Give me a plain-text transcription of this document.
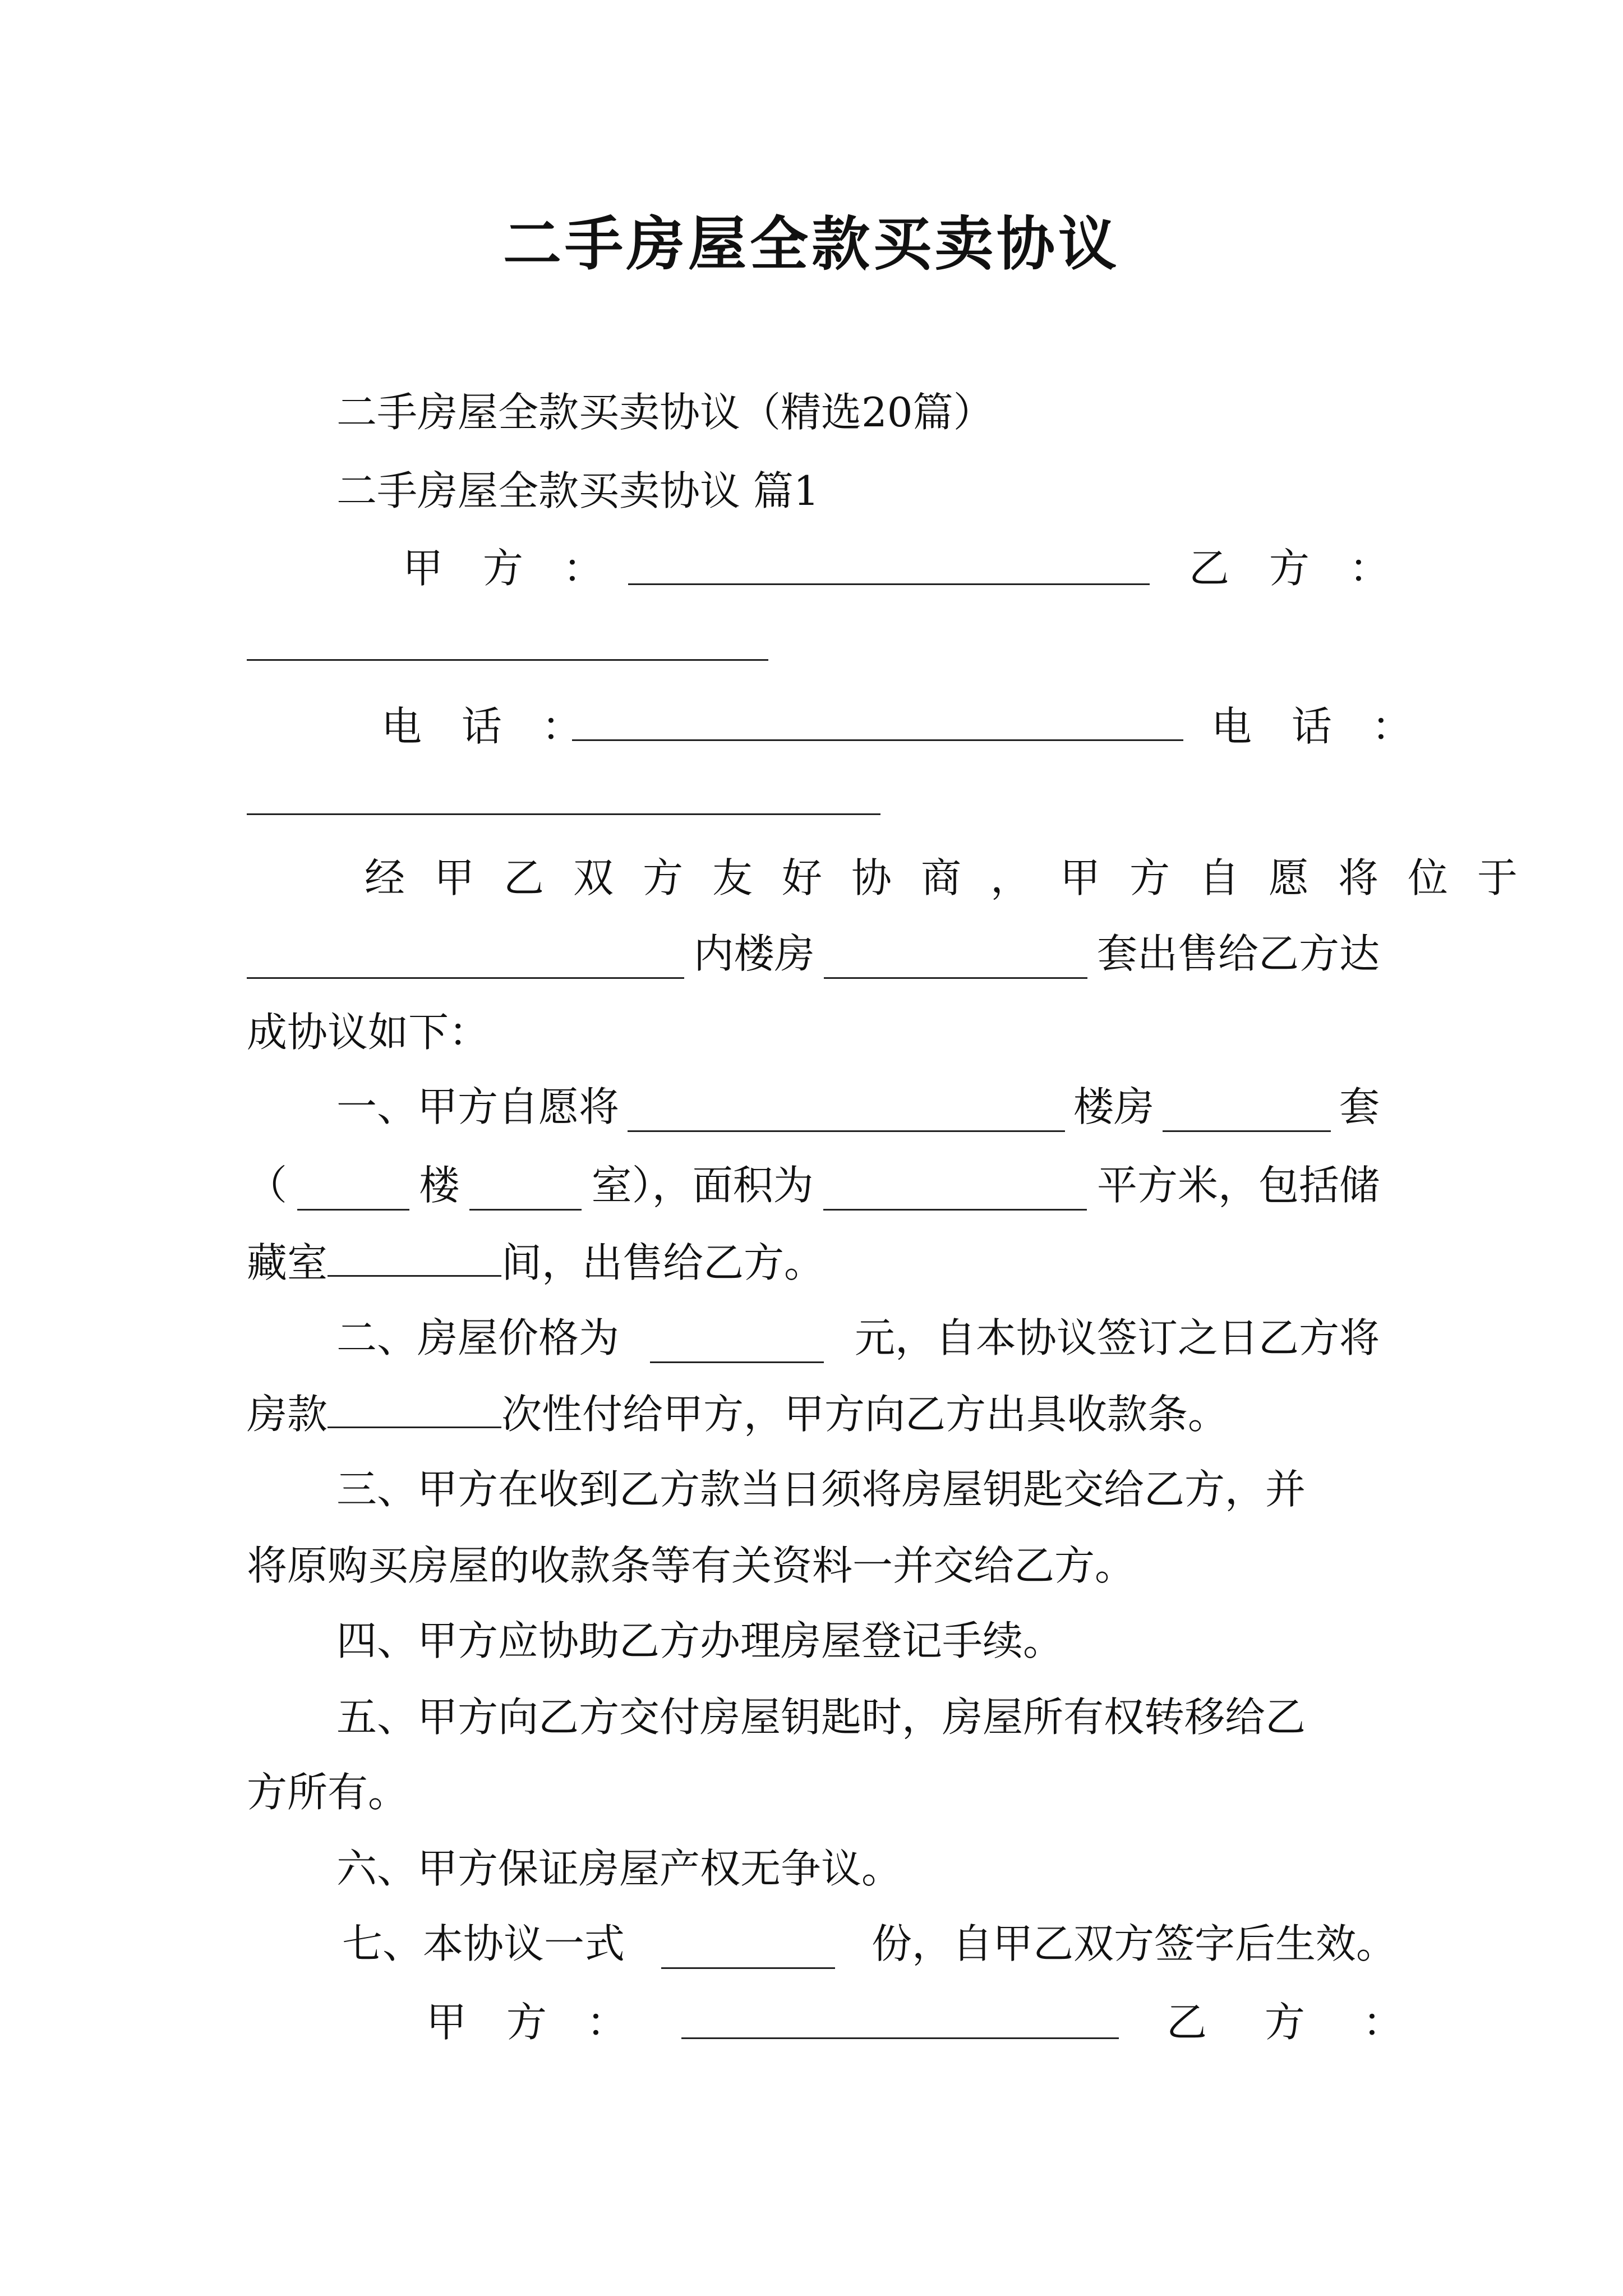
二手房屋全款买卖协议
二手房屋全款买卖协议（精选20篇）
二手房屋全款买卖协议 篇1
甲 方 ：	乙 方 ：
电 话 ：	电 话 ：
经甲乙双方友好协商，甲方自愿将位于
内楼房	套出售给乙方达
成协议如下：
一、甲方自愿将	楼房	套
（	楼	室），面积为	平方米，包括储
藏室	间，出售给乙方。
二、房屋价格为	元，自本协议签订之日乙方将
房款	次性付给甲方，甲方向乙方出具收款条。
三、甲方在收到乙方款当日须将房屋钥匙交给乙方，并
将原购买房屋的收款条等有关资料一并交给乙方。
四、甲方应协助乙方办理房屋登记手续。
五、甲方向乙方交付房屋钥匙时，房屋所有权转移给乙
方所有。
六、甲方保证房屋产权无争议。
七、本协议一式	份，自甲乙双方签字后生效。
甲 方 ：	乙 方 ：
